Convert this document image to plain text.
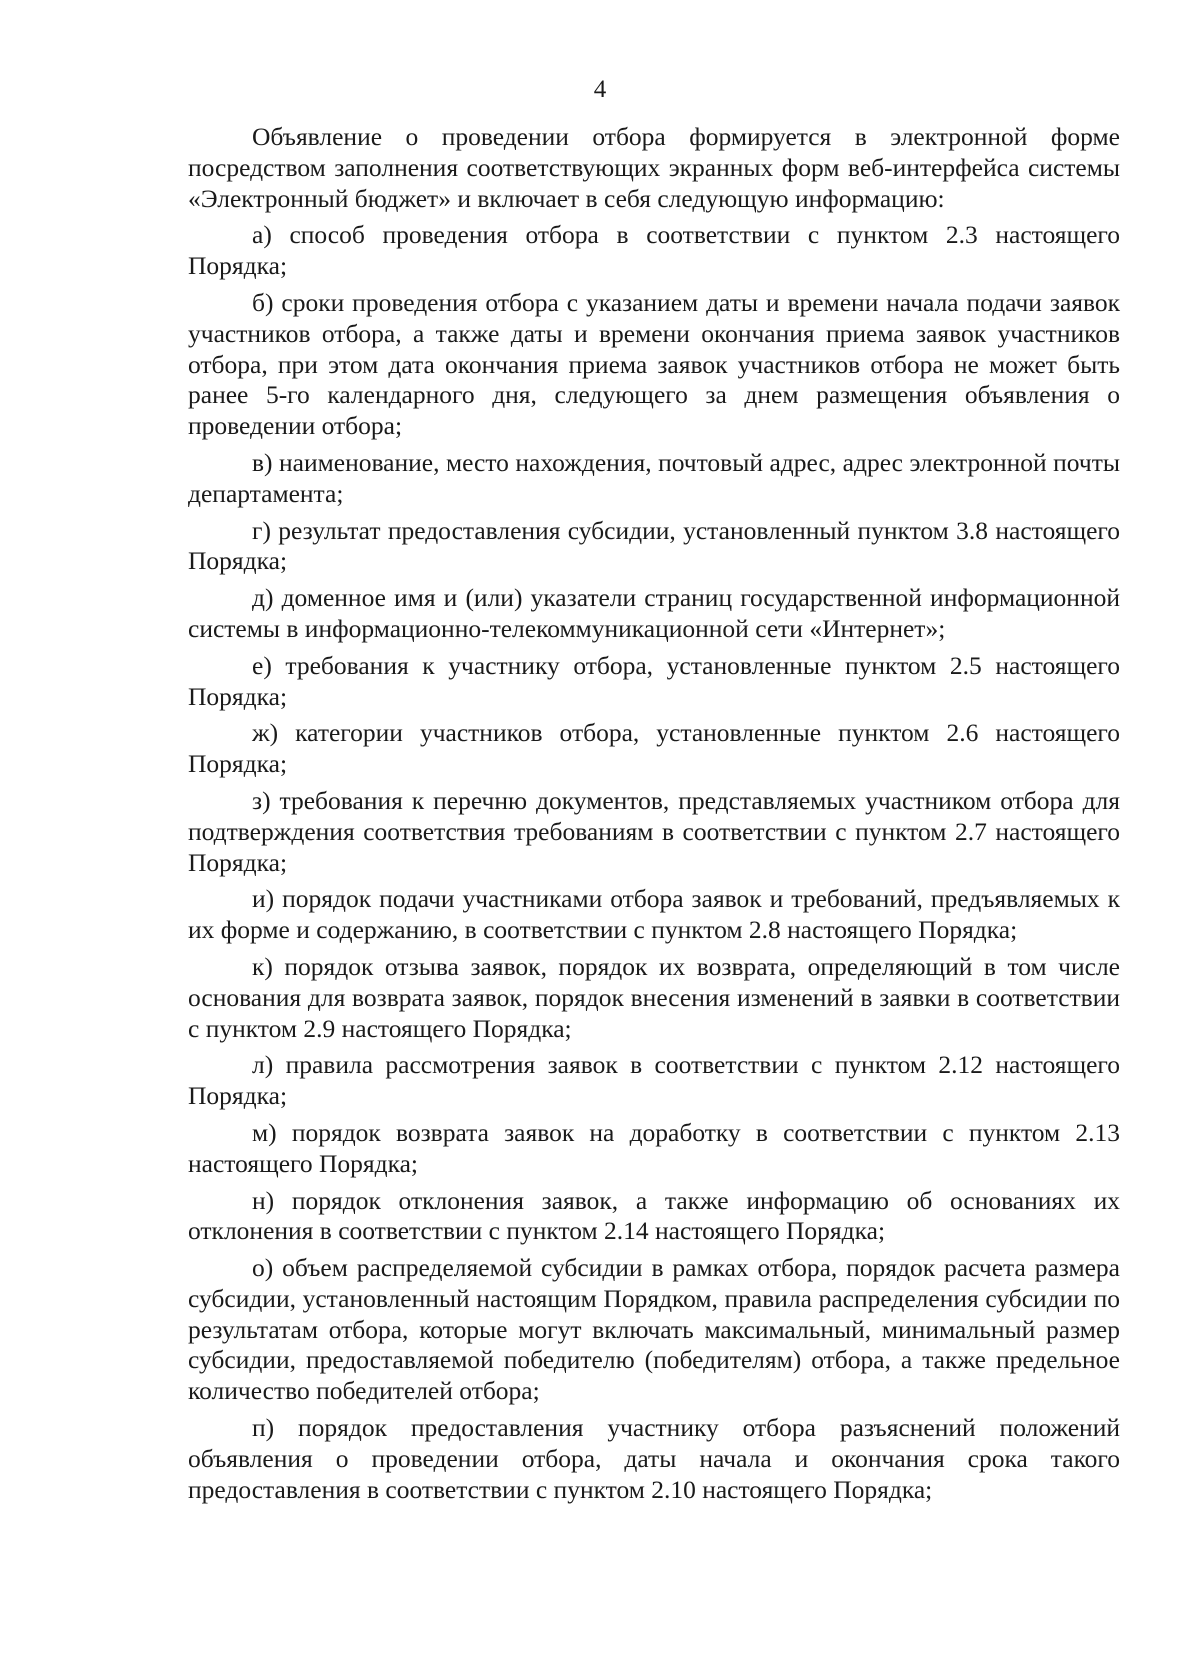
4

Объявление о проведении отбора формируется в электронной форме посредством заполнения соответствующих экранных форм веб-интерфейса системы «Электронный бюджет» и включает в себя следующую информацию:

а) способ проведения отбора в соответствии с пунктом 2.3 настоящего Порядка;

б) сроки проведения отбора с указанием даты и времени начала подачи заявок участников отбора, а также даты и времени окончания приема заявок участников отбора, при этом дата окончания приема заявок участников отбора не может быть ранее 5-го календарного дня, следующего за днем размещения объявления о проведении отбора;

в) наименование, место нахождения, почтовый адрес, адрес электронной почты департамента;

г) результат предоставления субсидии, установленный пунктом 3.8 настоящего Порядка;

д) доменное имя и (или) указатели страниц государственной информационной системы в информационно-телекоммуникационной сети «Интернет»;

е) требования к участнику отбора, установленные пунктом 2.5 настоящего Порядка;

ж) категории участников отбора, установленные пунктом 2.6 настоящего Порядка;

з) требования к перечню документов, представляемых участником отбора для подтверждения соответствия требованиям в соответствии с пунктом 2.7 настоящего Порядка;

и) порядок подачи участниками отбора заявок и требований, предъявляемых к их форме и содержанию, в соответствии с пунктом 2.8 настоящего Порядка;

к) порядок отзыва заявок, порядок их возврата, определяющий в том числе основания для возврата заявок, порядок внесения изменений в заявки в соответствии с пунктом 2.9 настоящего Порядка;

л) правила рассмотрения заявок в соответствии с пунктом 2.12 настоящего Порядка;

м) порядок возврата заявок на доработку в соответствии с пунктом 2.13 настоящего Порядка;

н) порядок отклонения заявок, а также информацию об основаниях их отклонения в соответствии с пунктом 2.14 настоящего Порядка;

о) объем распределяемой субсидии в рамках отбора, порядок расчета размера субсидии, установленный настоящим Порядком, правила распределения субсидии по результатам отбора, которые могут включать максимальный, минимальный размер субсидии, предоставляемой победителю (победителям) отбора, а также предельное количество победителей отбора;

п) порядок предоставления участнику отбора разъяснений положений объявления о проведении отбора, даты начала и окончания срока такого предоставления в соответствии с пунктом 2.10 настоящего Порядка;
